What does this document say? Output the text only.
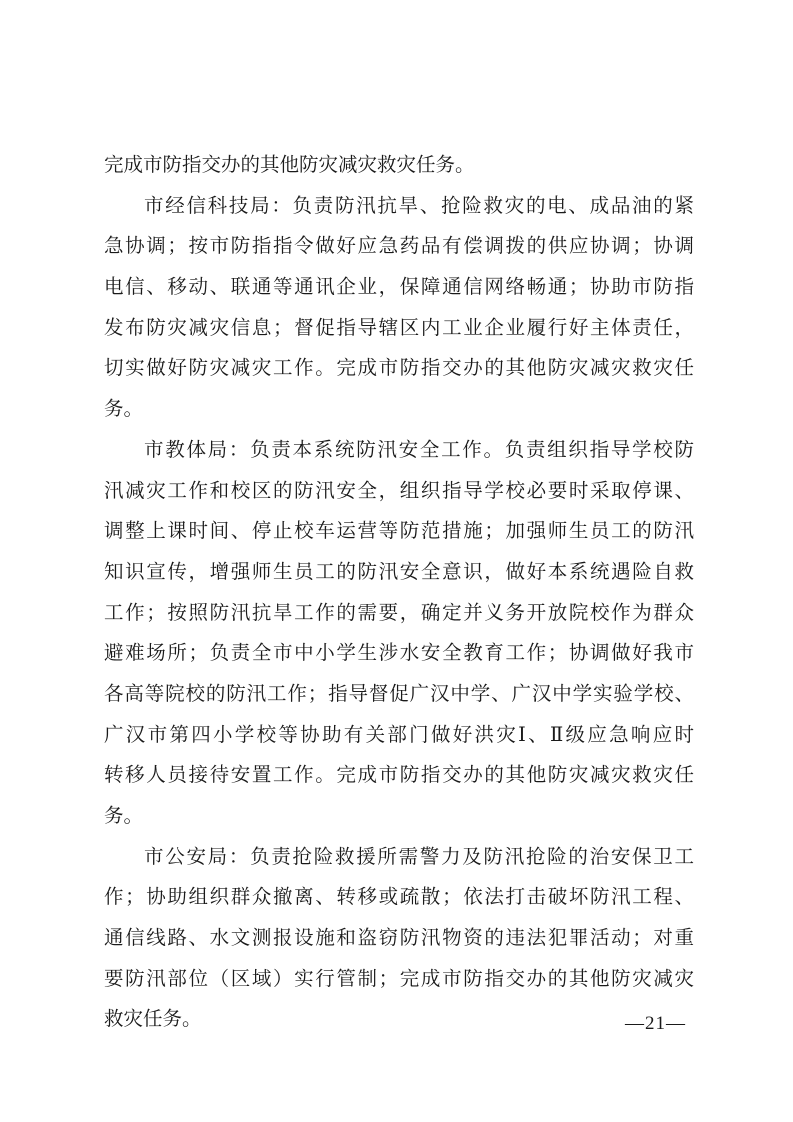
完成市防指交办的其他防灾减灾救灾任务。
市经信科技局：负责防汛抗旱、抢险救灾的电、成品油的紧
急协调；按市防指指令做好应急药品有偿调拨的供应协调；协调
电信、移动、联通等通讯企业，保障通信网络畅通；协助市防指
发布防灾减灾信息；督促指导辖区内工业企业履行好主体责任，
切实做好防灾减灾工作。完成市防指交办的其他防灾减灾救灾任
务。
市教体局：负责本系统防汛安全工作。负责组织指导学校防
汛减灾工作和校区的防汛安全，组织指导学校必要时采取停课、
调整上课时间、停止校车运营等防范措施；加强师生员工的防汛
知识宣传，增强师生员工的防汛安全意识，做好本系统遇险自救
工作；按照防汛抗旱工作的需要，确定并义务开放院校作为群众
避难场所；负责全市中小学生涉水安全教育工作；协调做好我市
各高等院校的防汛工作；指导督促广汉中学、广汉中学实验学校、
广汉市第四小学校等协助有关部门做好洪灾Ⅰ、Ⅱ级应急响应时
转移人员接待安置工作。完成市防指交办的其他防灾减灾救灾任
务。
市公安局：负责抢险救援所需警力及防汛抢险的治安保卫工
作；协助组织群众撤离、转移或疏散；依法打击破坏防汛工程、
通信线路、水文测报设施和盗窃防汛物资的违法犯罪活动；对重
要防汛部位（区域）实行管制；完成市防指交办的其他防灾减灾
救灾任务。	—21—
